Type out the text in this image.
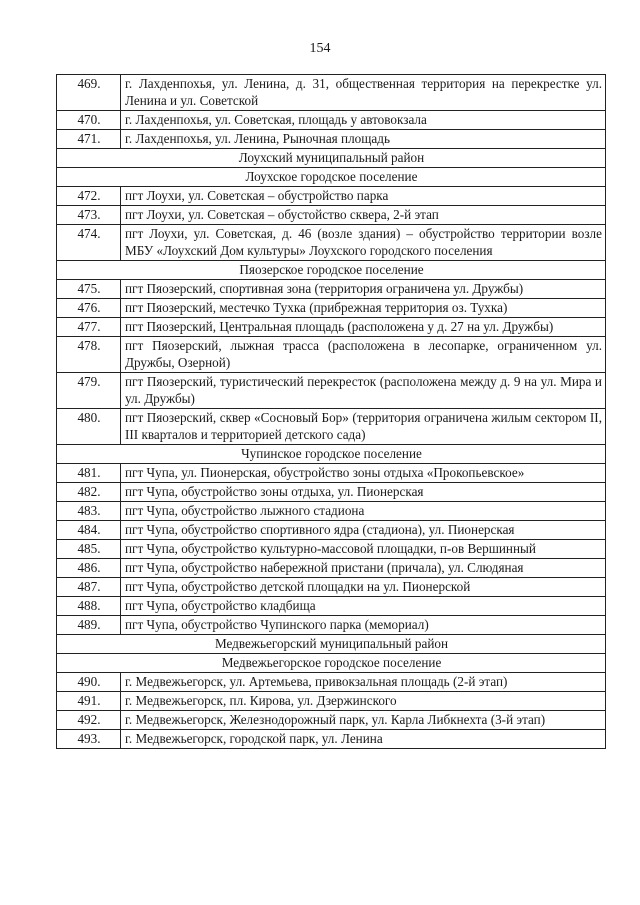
154
469.	г. Лахденпохья, ул. Ленина, д. 31, общественная территория на перекрестке ул. Ленина и ул. Советской
470.	г. Лахденпохья, ул. Советская, площадь у автовокзала
471.	г. Лахденпохья, ул. Ленина, Рыночная площадь
Лоухский муниципальный район	
Лоухское городское поселение	
472.	пгт Лоухи, ул. Советская – обустройство парка
473.	пгт Лоухи, ул. Советская – обустойство сквера, 2-й этап
474.	пгт Лоухи, ул. Советская, д. 46 (возле здания) – обустройство территории возле МБУ «Лоухский Дом культуры» Лоухского городского поселения
Пяозерское городское поселение	
475.	пгт Пяозерский, спортивная зона (территория ограничена ул. Дружбы)
476.	пгт Пяозерский, местечко Тухка (прибрежная территория оз. Тухка)
477.	пгт Пяозерский, Центральная площадь (расположена у д. 27 на ул. Дружбы)
478.	пгт Пяозерский, лыжная трасса (расположена в лесопарке, ограниченном ул. Дружбы, Озерной)
479.	пгт Пяозерский, туристический перекресток (расположена между д. 9 на ул. Мира и ул. Дружбы)
480.	пгт Пяозерский, сквер «Сосновый Бор» (территория ограничена жилым сектором II, III кварталов и территорией детского сада)
Чупинское городское поселение	
481.	пгт Чупа, ул. Пионерская, обустройство зоны отдыха «Прокопьевское»
482.	пгт Чупа, обустройство зоны отдыха, ул. Пионерская
483.	пгт Чупа, обустройство лыжного стадиона
484.	пгт Чупа, обустройство спортивного ядра (стадиона), ул. Пионерская
485.	пгт Чупа, обустройство культурно-массовой площадки, п-ов Вершинный
486.	пгт Чупа, обустройство набережной пристани (причала), ул. Слюдяная
487.	пгт Чупа, обустройство детской площадки на ул. Пионерской
488.	пгт Чупа, обустройство кладбища
489.	пгт Чупа, обустройство Чупинского парка (мемориал)
Медвежьегорский муниципальный район	
Медвежьегорское городское поселение	
490.	г. Медвежьегорск, ул. Артемьева, привокзальная площадь (2-й этап)
491.	г. Медвежьегорск, пл. Кирова, ул. Дзержинского
492.	г. Медвежьегорск, Железнодорожный парк, ул. Карла Либкнехта (3-й этап)
493.	г. Медвежьегорск, городской парк, ул. Ленина
